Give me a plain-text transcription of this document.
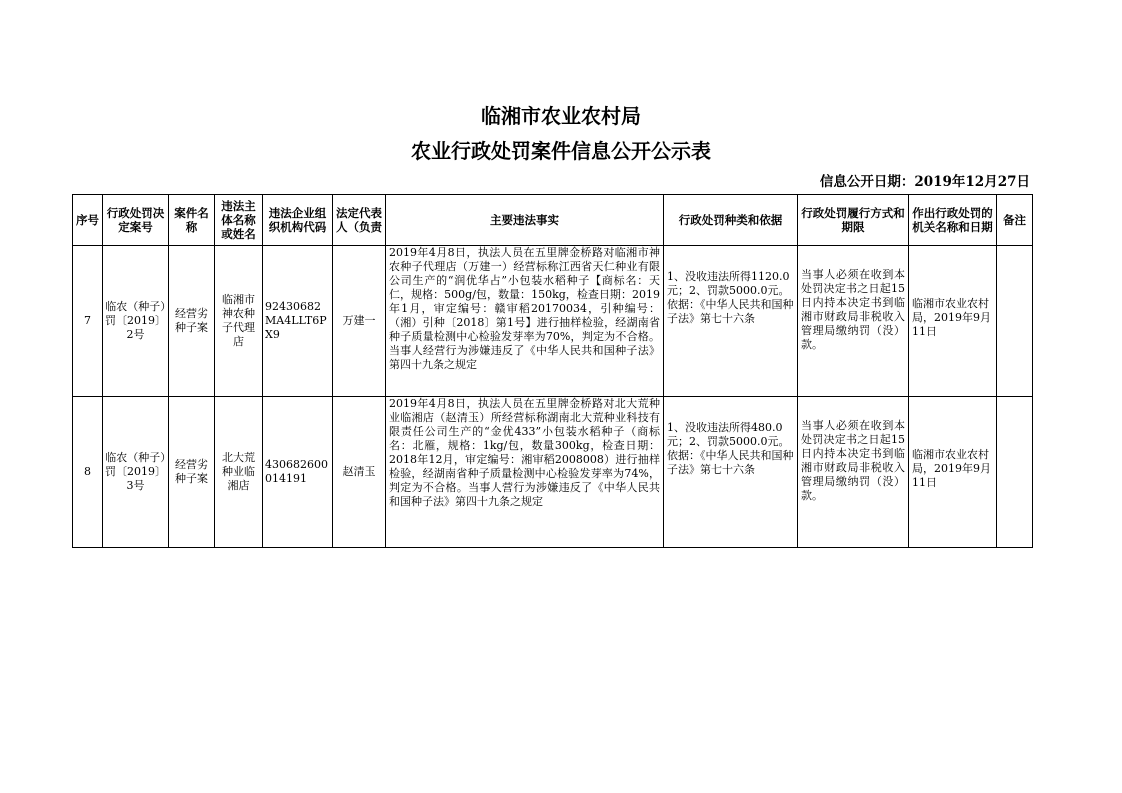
临湘市农业农村局
农业行政处罚案件信息公开公示表
信息公开日期：2019年12月27日
序号	行政处罚决定案号	案件名称	违法主体名称或姓名	违法企业组织机构代码	法定代表人（负责	主要违法事实	行政处罚种类和依据	行政处罚履行方式和期限	作出行政处罚的机关名称和日期	备注

7	临农（种子）罚〔2019〕2号	经营劣种子案	临湘市神农种子代理店	92430682MA4LLT6PX9	万建一	2019年4月8日，执法人员在五里牌金桥路对临湘市神农种子代理店（万建一）经营标称江西省天仁种业有限公司生产的“润优华占”小包装水稻种子【商标名：天仁，规格：500g/包，数量：150kg，检查日期：2019年1月，审定编号：赣审稻20170034，引种编号：（湘）引种〔2018〕第1号】进行抽样检验，经湖南省种子质量检测中心检验发芽率为70%，判定为不合格。当事人经营行为涉嫌违反了《中华人民共和国种子法》第四十九条之规定	1、没收违法所得1120.0元；2、罚款5000.0元。依据：《中华人民共和国种子法》第七十六条	当事人必须在收到本处罚决定书之日起15日内持本决定书到临湘市财政局非税收入管理局缴纳罚（没）款。	临湘市农业农村局，2019年9月11日	

8	临农（种子）罚〔2019〕3号	经营劣种子案	北大荒种业临湘店	430682600014191	赵清玉	2019年4月8日，执法人员在五里牌金桥路对北大荒种业临湘店（赵清玉）所经营标称湖南北大荒种业科技有限责任公司生产的“金优433”小包装水稻种子（商标名：北雁，规格：1kg/包，数量300kg，检查日期：2018年12月，审定编号：湘审稻2008008）进行抽样检验，经湖南省种子质量检测中心检验发芽率为74%，判定为不合格。当事人营行为涉嫌违反了《中华人民共和国种子法》第四十九条之规定	1、没收违法所得480.0元；2、罚款5000.0元。依据：《中华人民共和国种子法》第七十六条	当事人必须在收到本处罚决定书之日起15日内持本决定书到临湘市财政局非税收入管理局缴纳罚（没）款。	临湘市农业农村局，2019年9月11日	
